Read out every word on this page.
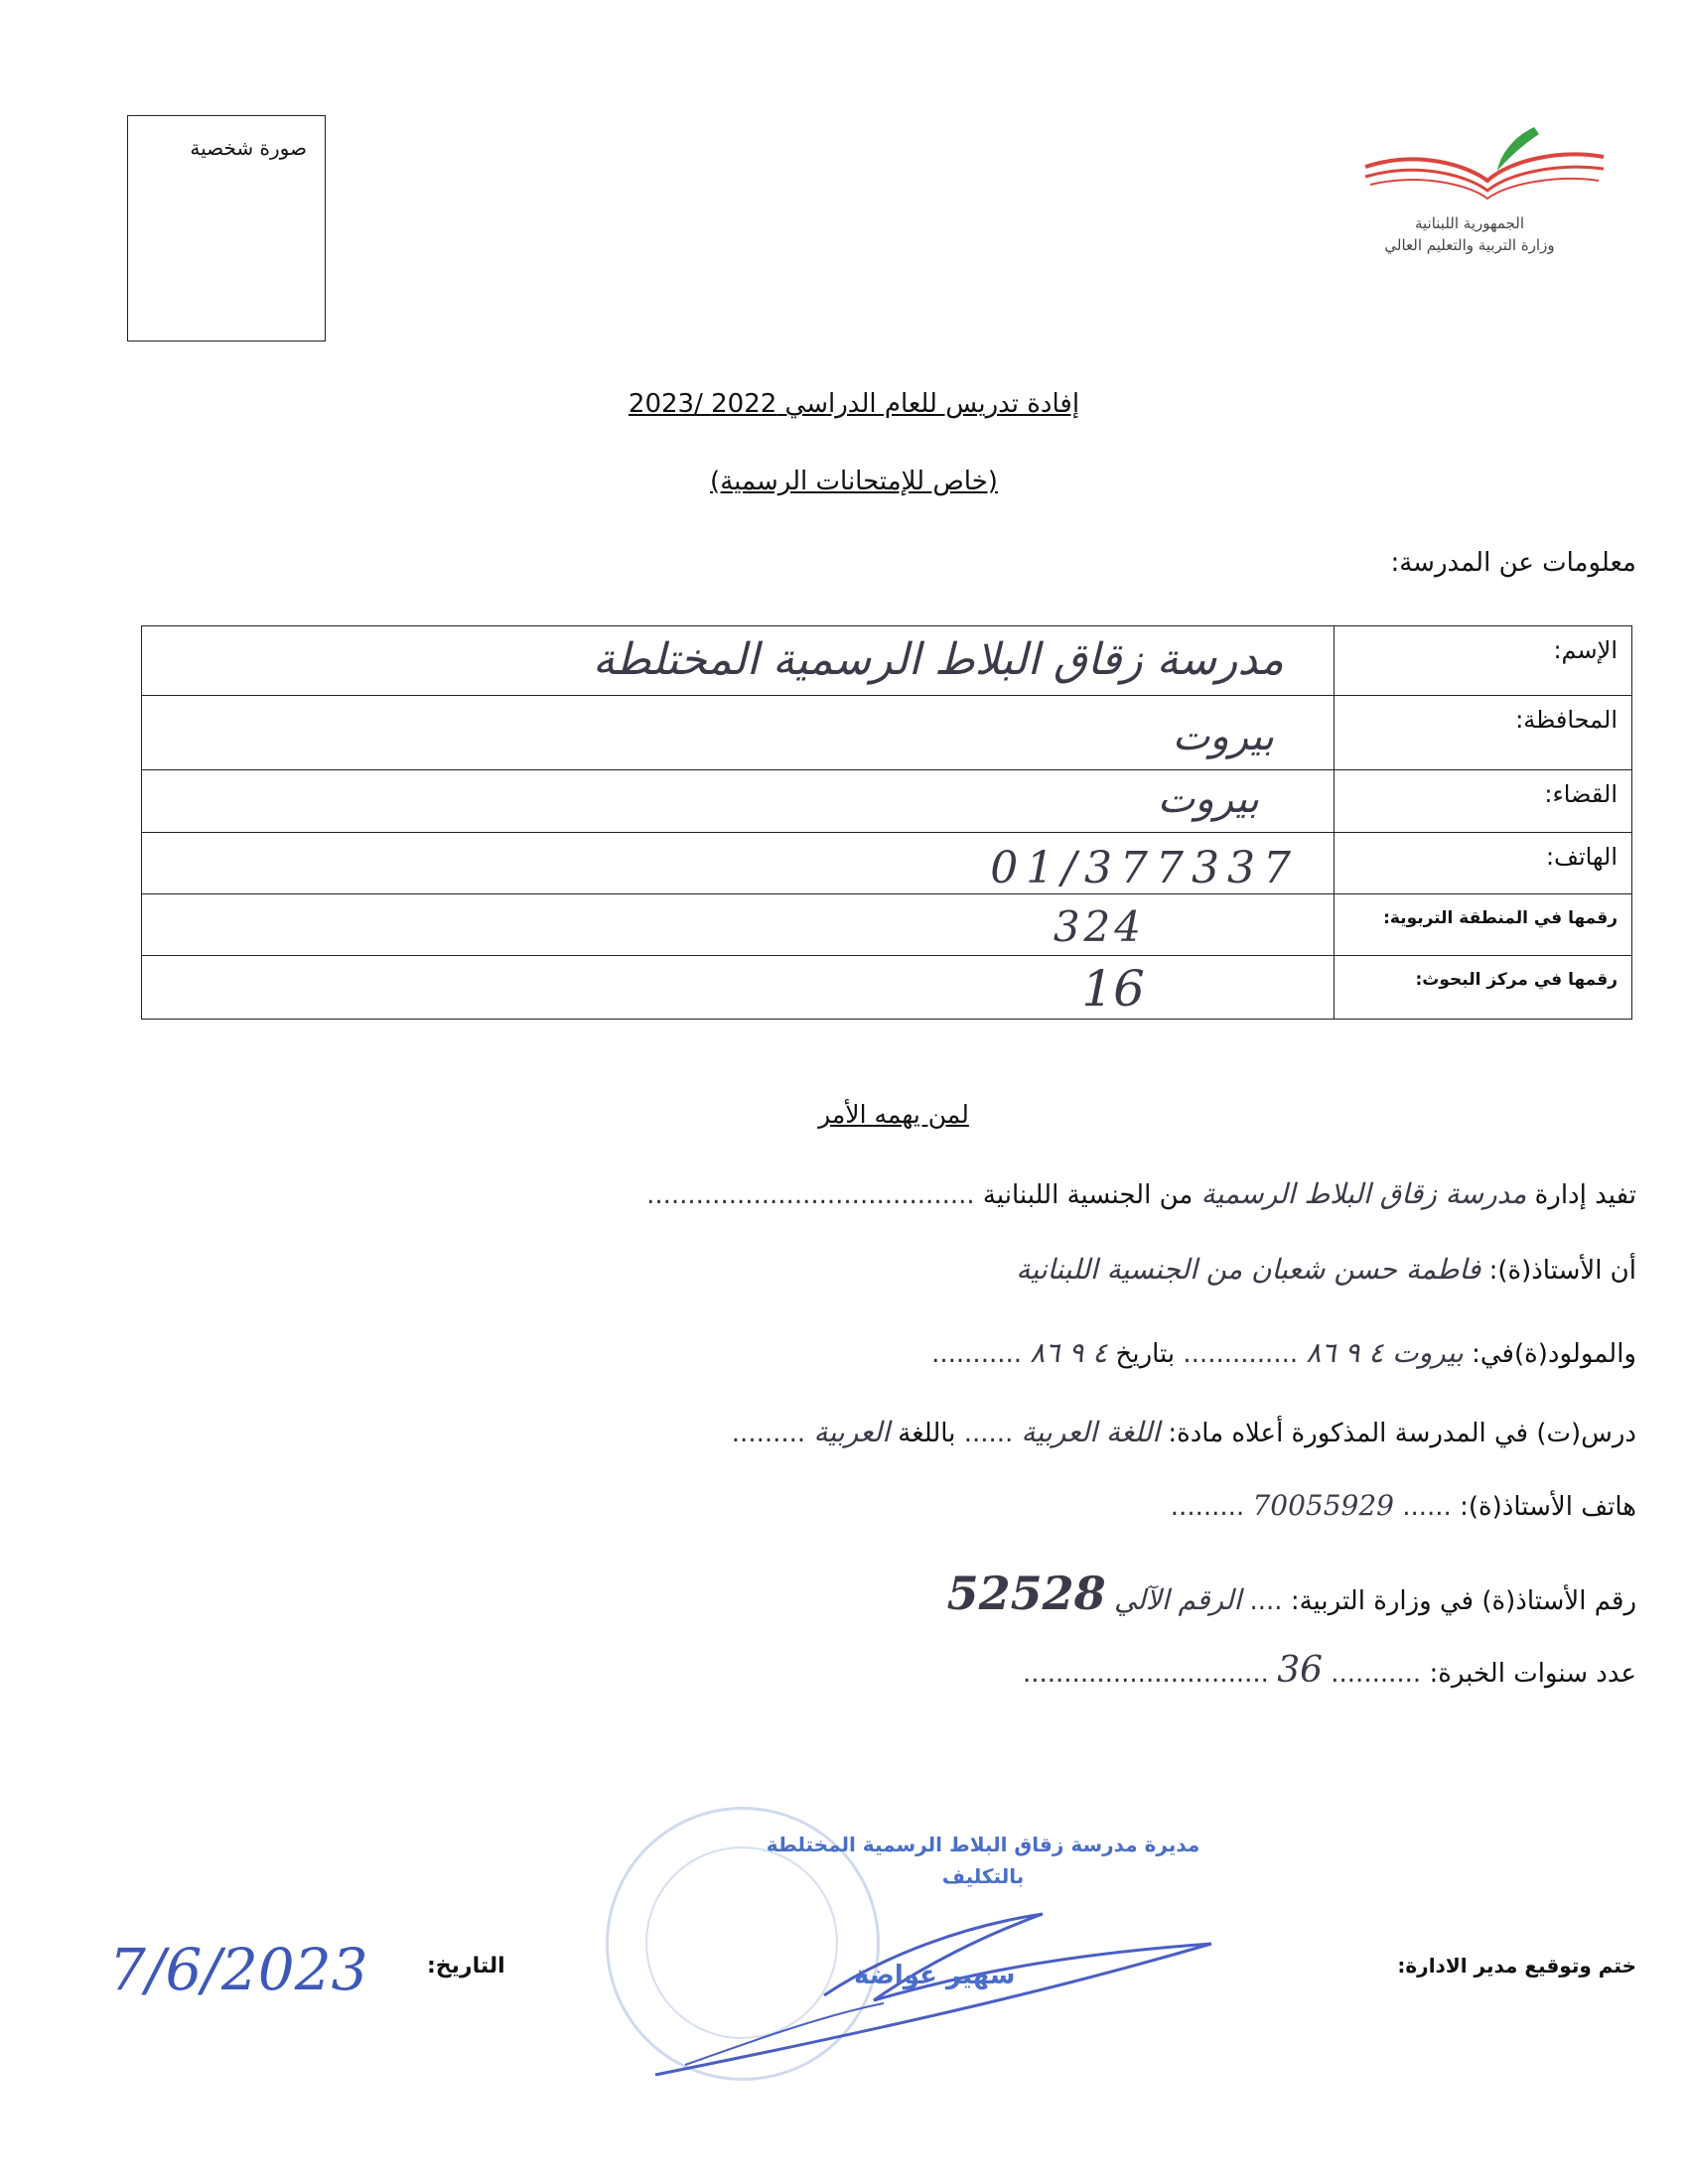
صورة شخصية
الجمهورية اللبنانية
وزارة التربية والتعليم العالي
إفادة تدريس للعام الدراسي 2022 /2023
(خاص للإمتحانات الرسمية)
معلومات عن المدرسة:
مدرسة زقاق البلاط الرسمية المختلطة	الإسم:

بيروت	المحافظة:

بيروت	القضاء:

01/377337	الهاتف:

324	رقمها في المنطقة التربوية:

16	رقمها في مركز البحوث:
لمن يهمه الأمر
تفيد إدارة مدرسة زقاق البلاط الرسمية من الجنسية اللبنانية ........................................
أن الأستاذ(ة): فاطمة حسن شعبان من الجنسية اللبنانية
والمولود(ة)في: بيروت ٤ ٩ ٨٦ .............. بتاريخ ٤ ٩ ٨٦ ...........
درس(ت) في المدرسة المذكورة أعلاه مادة: اللغة العربية ...... باللغة العربية .........
هاتف الأستاذ(ة): ...... 70055929 .........
رقم الأستاذ(ة) في وزارة التربية: .... الرقم الآلي 52528
عدد سنوات الخبرة: ........... 36 ..............................
مديرة مدرسة زقاق البلاط الرسمية المختلطة
بالتكليف
سهير عواضة	ختم وتوقيع مدير الادارة:
التاريخ:
7/6/2023
